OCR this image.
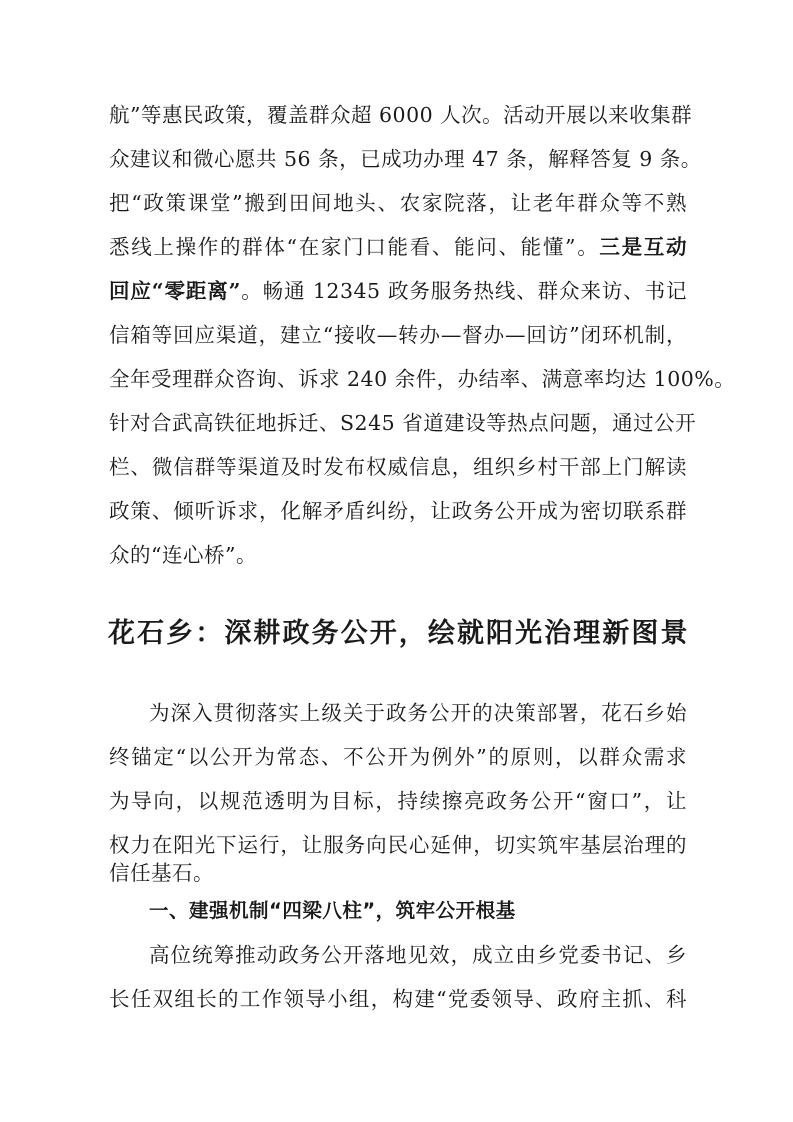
航”等惠民政策，覆盖群众超 6000 人次。活动开展以来收集群
众建议和微心愿共 56 条，已成功办理 47 条，解释答复 9 条。
把“政策课堂”搬到田间地头、农家院落，让老年群众等不熟
悉线上操作的群体“在家门口能看、能问、能懂”。三是互动
回应“零距离”。畅通 12345 政务服务热线、群众来访、书记
信箱等回应渠道，建立“接收—转办—督办—回访”闭环机制，
全年受理群众咨询、诉求 240 余件，办结率、满意率均达 100%。
针对合武高铁征地拆迁、S245 省道建设等热点问题，通过公开
栏、微信群等渠道及时发布权威信息，组织乡村干部上门解读
政策、倾听诉求，化解矛盾纠纷，让政务公开成为密切联系群
众的“连心桥”。
花石乡：深耕政务公开，绘就阳光治理新图景
为深入贯彻落实上级关于政务公开的决策部署，花石乡始
终锚定“以公开为常态、不公开为例外”的原则，以群众需求
为导向，以规范透明为目标，持续擦亮政务公开“窗口”，让
权力在阳光下运行，让服务向民心延伸，切实筑牢基层治理的
信任基石。
一、建强机制“四梁八柱”，筑牢公开根基
高位统筹推动政务公开落地见效，成立由乡党委书记、乡
长任双组长的工作领导小组，构建“党委领导、政府主抓、科
